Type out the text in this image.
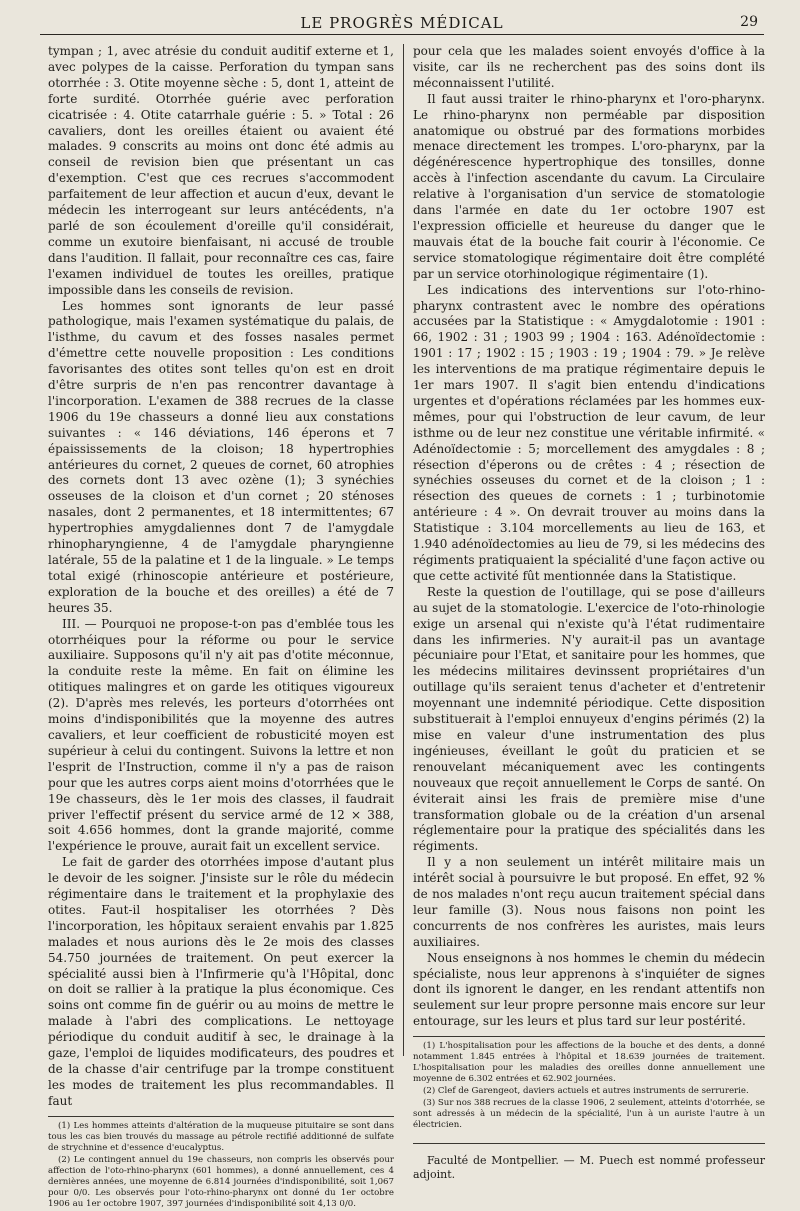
LE PROGRÈS MÉDICAL	29

tympan ; 1, avec atrésie du conduit auditif externe et 1, avec polypes de la caisse. Perforation du tympan sans otorrhée : 3. Otite moyenne sèche : 5, dont 1, atteint de forte surdité. Otorrhée guérie avec perforation cicatrisée : 4. Otite catarrhale guérie : 5. » Total : 26 cavaliers, dont les oreilles étaient ou avaient été malades. 9 conscrits au moins ont donc été admis au conseil de revision bien que présentant un cas d'exemption. C'est que ces recrues s'accommodent parfaitement de leur affection et aucun d'eux, devant le médecin les interrogeant sur leurs antécédents, n'a parlé de son écoulement d'oreille qu'il considérait, comme un exutoire bienfaisant, ni accusé de trouble dans l'audition. Il fallait, pour reconnaître ces cas, faire l'examen individuel de toutes les oreilles, pratique impossible dans les conseils de revision.

Les hommes sont ignorants de leur passé pathologique, mais l'examen systématique du palais, de l'isthme, du cavum et des fosses nasales permet d'émettre cette nouvelle proposition : Les conditions favorisantes des otites sont telles qu'on est en droit d'être surpris de n'en pas rencontrer davantage à l'incorporation. L'examen de 388 recrues de la classe 1906 du 19e chasseurs a donné lieu aux constations suivantes : « 146 déviations, 146 éperons et 7 épaississements de la cloison; 18 hypertrophies antérieures du cornet, 2 queues de cornet, 60 atrophies des cornets dont 13 avec ozène (1); 3 synéchies osseuses de la cloison et d'un cornet ; 20 sténoses nasales, dont 2 permanentes, et 18 intermittentes; 67 hypertrophies amygdaliennes dont 7 de l'amygdale rhinopharyngienne, 4 de l'amygdale pharyngienne latérale, 55 de la palatine et 1 de la linguale. » Le temps total exigé (rhinoscopie antérieure et postérieure, exploration de la bouche et des oreilles) a été de 7 heures 35.

III. — Pourquoi ne propose-t-on pas d'emblée tous les otorrhéiques pour la réforme ou pour le service auxiliaire. Supposons qu'il n'y ait pas d'otite méconnue, la conduite reste la même. En fait on élimine les otitiques malingres et on garde les otitiques vigoureux (2). D'après mes relevés, les porteurs d'otorrhées ont moins d'indisponibilités que la moyenne des autres cavaliers, et leur coefficient de robusticité moyen est supérieur à celui du contingent. Suivons la lettre et non l'esprit de l'Instruction, comme il n'y a pas de raison pour que les autres corps aient moins d'otorrhées que le 19e chasseurs, dès le 1er mois des classes, il faudrait priver l'effectif présent du service armé de 12 × 388, soit 4.656 hommes, dont la grande majorité, comme l'expérience le prouve, aurait fait un excellent service.

Le fait de garder des otorrhées impose d'autant plus le devoir de les soigner. J'insiste sur le rôle du médecin régimentaire dans le traitement et la prophylaxie des otites. Faut-il hospitaliser les otorrhées ? Dès l'incorporation, les hôpitaux seraient envahis par 1.825 malades et nous aurions dès le 2e mois des classes 54.750 journées de traitement. On peut exercer la spécialité aussi bien à l'Infirmerie qu'à l'Hôpital, donc on doit se rallier à la pratique la plus économique. Ces soins ont comme fin de guérir ou au moins de mettre le malade à l'abri des complications. Le nettoyage périodique du conduit auditif à sec, le drainage à la gaze, l'emploi de liquides modificateurs, des poudres et de la chasse d'air centrifuge par la trompe constituent les modes de traitement les plus recommandables. Il faut

(1) Les hommes atteints d'altération de la muqueuse pituitaire se sont dans tous les cas bien trouvés du massage au pétrole rectifié additionné de sulfate de strychnine et d'essence d'eucalyptus.

(2) Le contingent annuel du 19e chasseurs, non compris les observés pour affection de l'oto-rhino-pharynx (601 hommes), a donné annuellement, ces 4 dernières années, une moyenne de 6.814 journées d'indisponibilité, soit 1,067 pour 0/0. Les observés pour l'oto-rhino-pharynx ont donné du 1er octobre 1906 au 1er octobre 1907, 397 journées d'indisponibilité soit 4,13 0/0.

pour cela que les malades soient envoyés d'office à la visite, car ils ne recherchent pas des soins dont ils méconnaissent l'utilité.

Il faut aussi traiter le rhino-pharynx et l'oro-pharynx. Le rhino-pharynx non perméable par disposition anatomique ou obstrué par des formations morbides menace directement les trompes. L'oro-pharynx, par la dégénérescence hypertrophique des tonsilles, donne accès à l'infection ascendante du cavum. La Circulaire relative à l'organisation d'un service de stomatologie dans l'armée en date du 1er octobre 1907 est l'expression officielle et heureuse du danger que le mauvais état de la bouche fait courir à l'économie. Ce service stomatologique régimentaire doit être complété par un service otorhinologique régimentaire (1).

Les indications des interventions sur l'oto-rhino-pharynx contrastent avec le nombre des opérations accusées par la Statistique : « Amygdalotomie : 1901 : 66, 1902 : 31 ; 1903 99 ; 1904 : 163. Adénoïdectomie : 1901 : 17 ; 1902 : 15 ; 1903 : 19 ; 1904 : 79. » Je relève les interventions de ma pratique régimentaire depuis le 1er mars 1907. Il s'agit bien entendu d'indications urgentes et d'opérations réclamées par les hommes eux-mêmes, pour qui l'obstruction de leur cavum, de leur isthme ou de leur nez constitue une véritable infirmité. « Adénoïdectomie : 5; morcellement des amygdales : 8 ; résection d'éperons ou de crêtes : 4 ; résection de synéchies osseuses du cornet et de la cloison ; 1 : résection des queues de cornets : 1 ; turbinotomie antérieure : 4 ». On devrait trouver au moins dans la Statistique : 3.104 morcellements au lieu de 163, et 1.940 adénoïdectomies au lieu de 79, si les médecins des régiments pratiquaient la spécialité d'une façon active ou que cette activité fût mentionnée dans la Statistique.

Reste la question de l'outillage, qui se pose d'ailleurs au sujet de la stomatologie. L'exercice de l'oto-rhinologie exige un arsenal qui n'existe qu'à l'état rudimentaire dans les infirmeries. N'y aurait-il pas un avantage pécuniaire pour l'Etat, et sanitaire pour les hommes, que les médecins militaires devinssent propriétaires d'un outillage qu'ils seraient tenus d'acheter et d'entretenir moyennant une indemnité périodique. Cette disposition substituerait à l'emploi ennuyeux d'engins périmés (2) la mise en valeur d'une instrumentation des plus ingénieuses, éveillant le goût du praticien et se renouvelant mécaniquement avec les contingents nouveaux que reçoit annuellement le Corps de santé. On éviterait ainsi les frais de première mise d'une transformation globale ou de la création d'un arsenal réglementaire pour la pratique des spécialités dans les régiments.

Il y a non seulement un intérêt militaire mais un intérêt social à poursuivre le but proposé. En effet, 92 % de nos malades n'ont reçu aucun traitement spécial dans leur famille (3). Nous nous faisons non point les concurrents de nos confrères les auristes, mais leurs auxiliaires.

Nous enseignons à nos hommes le chemin du médecin spécialiste, nous leur apprenons à s'inquiéter de signes dont ils ignorent le danger, en les rendant attentifs non seulement sur leur propre personne mais encore sur leur entourage, sur les leurs et plus tard sur leur postérité.

(1) L'hospitalisation pour les affections de la bouche et des dents, a donné notamment 1.845 entrées à l'hôpital et 18.639 journées de traitement. L'hospitalisation pour les maladies des oreilles donne annuellement une moyenne de 6.302 entrées et 62.902 journées.

(2) Clef de Garengeot, daviers actuels et autres instruments de serrurerie.

(3) Sur nos 388 recrues de la classe 1906, 2 seulement, atteints d'otorrhée, se sont adressés à un médecin de la spécialité, l'un à un auriste l'autre à un électricien.

Faculté de Montpellier. — M. Puech est nommé professeur adjoint.
